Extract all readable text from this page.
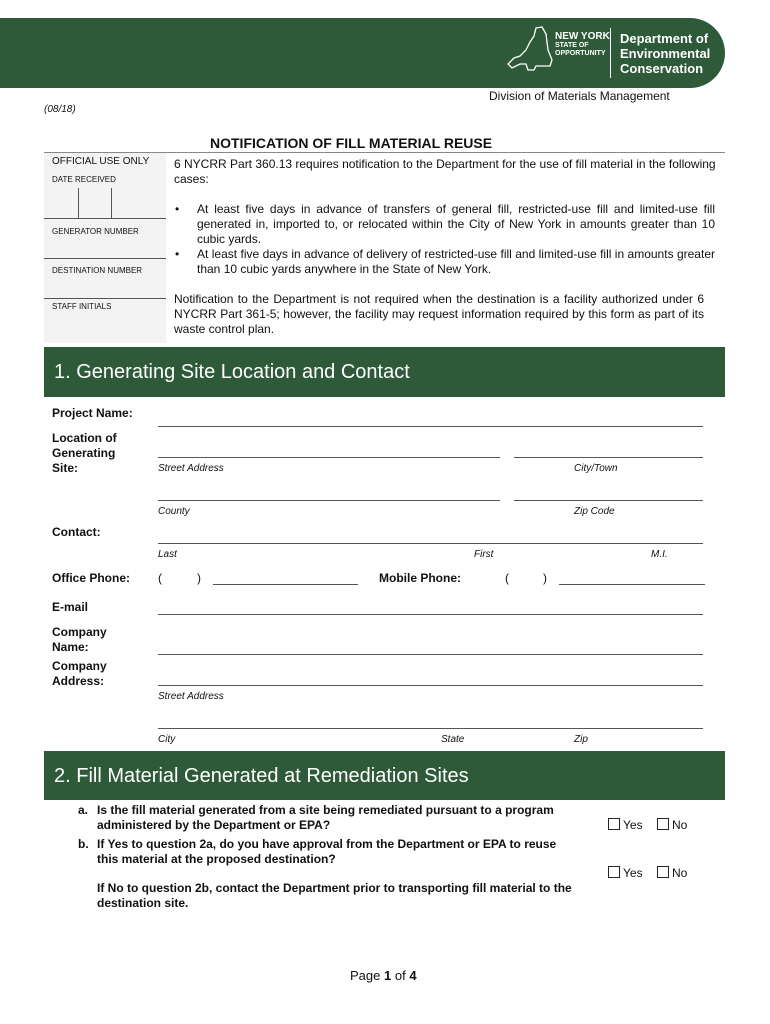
NEW YORK
STATE OF
OPPORTUNITY
Department of
Environmental
Conservation
Division of Materials Management
(08/18)
NOTIFICATION OF FILL MATERIAL REUSE
OFFICIAL USE ONLY
DATE RECEIVED
GENERATOR NUMBER
DESTINATION NUMBER
STAFF INITIALS
6 NYCRR Part 360.13 requires notification to the Department for the use of fill material in the following cases:
• At least five days in advance of transfers of general fill, restricted-use fill and limited-use fill generated in, imported to, or relocated within the City of New York in amounts greater than 10 cubic yards.
• At least five days in advance of delivery of restricted-use fill and limited-use fill in amounts greater than 10 cubic yards anywhere in the State of New York.
Notification to the Department is not required when the destination is a facility authorized under 6 NYCRR Part 361-5; however, the facility may request information required by this form as part of its waste control plan.
1. Generating Site Location and Contact
Project Name:
Location of
Generating
Site:	Street Address	City/Town
County	Zip Code
Contact:
Last	First	M.I.
Office Phone: (	)	Mobile Phone:	(	)
E-mail
Company
Name:
Company
Address:
Street Address
City	State	Zip
2. Fill Material Generated at Remediation Sites
a. Is the fill material generated from a site being remediated pursuant to a program administered by the Department or EPA?	Yes	No
b. If Yes to question 2a, do you have approval from the Department or EPA to reuse this material at the proposed destination?
Yes	No
If No to question 2b, contact the Department prior to transporting fill material to the destination site.
Page 1 of 4
